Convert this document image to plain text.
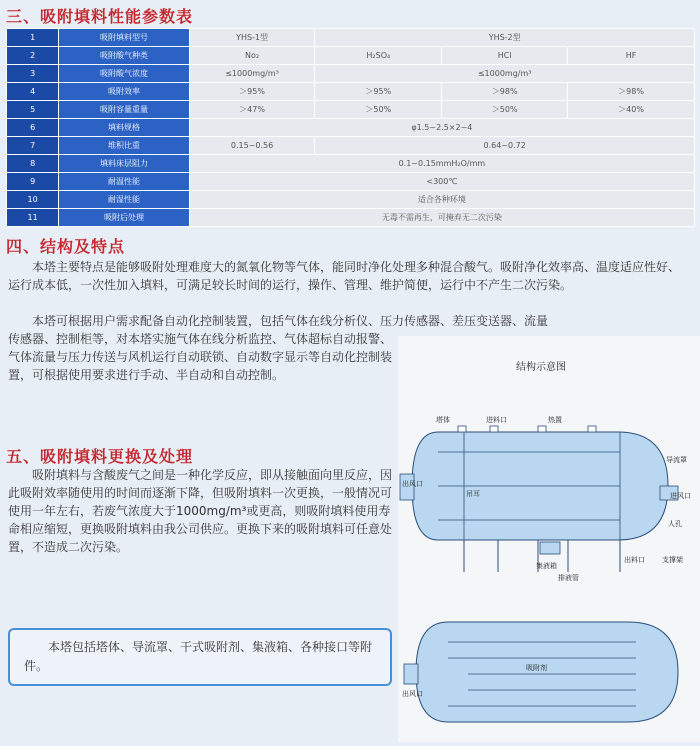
三、吸附填料性能参数表
1	吸附填料型号	YHS-1型	YHS-2型		
2	吸附酸气种类	No₂	H₂SO₄	HCl	HF
3	吸附酸气浓度	≤1000mg/m³	≤1000mg/m³		
4	吸附效率	＞95%	＞95%	＞98%	＞98%
5	吸附容量重量	＞47%	＞50%	＞50%	＞40%
6	填料规格	φ1.5~2.5×2~4			
7	堆积比重	0.15~0.56	0.64~0.72		
8	填料床层阻力	0.1~0.15mmH₂O/mm			
9	耐温性能	<300℃			
10	耐湿性能	适合各种环境			
11	吸附后处理	无毒不需再生，可掩弃无二次污染			
四、结构及特点
本塔主要特点是能够吸附处理难度大的氮氧化物等气体，能同时净化处理多种混合酸气。吸附净化效率高、温度适应性好、运行成本低，一次性加入填料，可满足较长时间的运行，操作、管理、维护简便，运行中不产生二次污染。
本塔可根据用户需求配备自动化控制装置，包括气体在线分析仪、压力传感器、差压变送器、流量
传感器、控制柜等，对本塔实施气体在线分析监控、气体超标自动报警、气体流量与压力传送与风机运行自动联锁、自动数字显示等自动化控制装置，可根据使用要求进行手动、半自动和自动控制。
五、吸附填料更换及处理
吸附填料与含酸废气之间是一种化学反应，即从接触面向里反应，因此吸附效率随使用的时间而逐渐下降，但吸附填料一次更换，一般情况可使用一年左右，若废气浓度大于1000mg/m³或更高，则吸附填料使用寿命相应缩短，更换吸附填料由我公司供应。更换下来的吸附填料可任意处置，不造成二次污染。

本塔包括塔体、导流罩、干式吸附剂、集液箱、各种接口等附件。

结构示意图
塔体	进料口	热置
导流罩
出风口
吊耳	进风口
出料口 支撑架
集液箱
排液管
人孔
吸附剂
出风口
